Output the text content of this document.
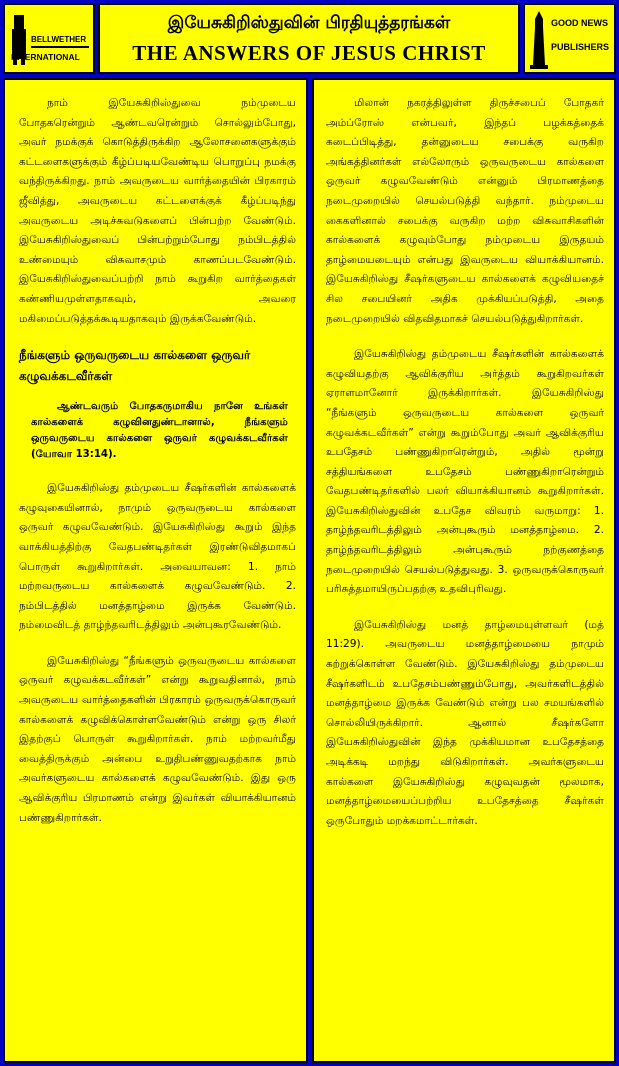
BELLWETHER
INTERNATIONAL
இயேசுகிறிஸ்துவின் பிரதியுத்தரங்கள்
THE ANSWERS OF JESUS CHRIST
GOOD NEWS
PUBLISHERS

நாம் இயேசுகிறிஸ்துவை நம்முடைய போதகரென்றும் ஆண்டவரென்றும் சொல்லும்போது, அவர் நமக்குக் கொடுத்திருக்கிற ஆலோசனைகளுக்கும் கட்டளைகளுக்கும் கீழ்ப்படியவேண்டிய பொறுப்பு நமக்கு வந்திருக்கிறது. நாம் அவருடைய வார்த்தையின் பிரகாரம் ஜீவித்து, அவருடைய கட்டளைக்குக் கீழ்ப்படிந்து அவருடைய அடிச்சுவடுகளைப் பின்பற்ற வேண்டும். இயேசுகிறிஸ்துவைப் பின்பற்றும்போது நம்பிடத்தில் உண்மையும் விசுவாசமும் காணப்படவேண்டும். இயேசுகிறிஸ்துவைப்பற்றி நாம் கூறுகிற வார்த்தைகள் கண்ணியமுள்ளதாகவும், அவரை மகிமைப்படுத்தக்கூடியதாகவும் இருக்கவேண்டும்.

நீங்களும் ஒருவருடைய கால்களை ஒருவர் கழுவக்கடவீர்கள்

ஆண்டவரும் போதகருமாகிய நானே உங்கள் கால்களைக் கழுவினதுண்டானால், நீங்களும் ஒருவருடைய கால்களை ஒருவர் கழுவக்கடவீர்கள் (யோவா 13:14).

இயேசுகிறிஸ்து தம்முடைய சீஷர்களின் கால்களைக் கழுவுகையினால், நாமும் ஒருவருடைய கால்களை ஒருவர் கழுவவேண்டும். இயேசுகிறிஸ்து கூறும் இந்த வாக்கியத்திற்கு வேதபண்டிதர்கள் இரண்டுவிதமாகப் பொருள் கூறுகிறார்கள். அவையாவன: 1. நாம் மற்றவருடைய கால்களைக் கழுவவேண்டும். 2. நம்பிடத்தில் மனத்தாழ்மை இருக்க வேண்டும். நம்மைவிடத் தாழ்ந்தவரிடத்திலும் அன்புகூரவேண்டும்.

இயேசுகிறிஸ்து “நீங்களும் ஒருவருடைய கால்களை ஒருவர் கழுவக்கடவீர்கள்” என்று கூறுவதினால், நாம் அவருடைய வார்த்தைகளின் பிரகாரம் ஒருவருக்கொருவர் கால்களைக் கழுவிக்கொள்ளவேண்டும் என்று ஒரு சிலர் இதற்குப் பொருள் கூறுகிறார்கள். நாம் மற்றவர்மீது வைத்திருக்கும் அன்பை உறுதிபண்ணுவதற்காக நாம் அவர்களுடைய கால்களைக் கழுவவேண்டும். இது ஒரு ஆவிக்குரிய பிரமாணம் என்று இவர்கள் வியாக்கியானம் பண்ணுகிறார்கள்.

மிலான் நகரத்திலுள்ள திருச்சபைப் போதகர் அம்ப்ரோஸ் என்பவர், இந்தப் பழக்கத்தைக் கடைப்பிடித்து, தன்னுடைய சபைக்கு வருகிற அங்கத்தினர்கள் எல்லோரும் ஒருவருடைய கால்களை ஒருவர் கழுவவேண்டும் என்னும் பிரமாணத்தை நடைமுறையில் செயல்படுத்தி வந்தார். நம்முடைய கைகளினால் சபைக்கு வருகிற மற்ற விசுவாசிகளின் கால்களைக் கழுவும்போது நம்முடைய இருதயம் தாழ்மையடையும் என்பது இவருடைய வியாக்கியானம். இயேசுகிறிஸ்து சீஷர்களுடைய கால்களைக் கழுவியதைச் சில சபையினர் அதிக முக்கியப்படுத்தி, அதை நடைமுறையில் விதவிதமாகச் செயல்படுத்துகிறார்கள்.

இயேசுகிறிஸ்து தம்முடைய சீஷர்களின் கால்களைக் கழுவியதற்கு ஆவிக்குரிய அர்த்தம் கூறுகிறவர்கள் ஏராளமானோர் இருக்கிறார்கள். இயேசுகிறிஸ்து “நீங்களும் ஒருவருடைய கால்களை ஒருவர் கழுவக்கடவீர்கள்” என்று கூறும்போது அவர் ஆவிக்குரிய உபதேசம் பண்ணுகிறாரென்றும், அதில் மூன்று சத்தியங்களை உபதேசம் பண்ணுகிறாரென்றும் வேதபண்டிதர்களில் பலர் வியாக்கியானம் கூறுகிறார்கள். இயேசுகிறிஸ்துவின் உபதேச விவரம் வருமாறு: 1. தாழ்ந்தவரிடத்திலும் அன்புகூரும் மனத்தாழ்மை. 2. தாழ்ந்தவரிடத்திலும் அன்புகூரும் நற்குணத்தை நடைமுறையில் செயல்படுத்துவது. 3. ஒருவருக்கொருவர் பரிசுத்தமாயிருப்பதற்கு உதவிபுரிவது.

இயேசுகிறிஸ்து மனத் தாழ்மையுள்ளவர் (மத் 11:29). அவருடைய மனத்தாழ்மையை நாமும் கற்றுக்கொள்ள வேண்டும். இயேசுகிறிஸ்து தம்முடைய சீஷர்களிடம் உபதேசம்பண்ணும்போது, அவர்களிடத்தில் மனத்தாழ்மை இருக்க வேண்டும் என்று பல சமயங்களில் சொல்லியிருக்கிறார். ஆனால் சீஷர்களோ இயேசுகிறிஸ்துவின் இந்த முக்கியமான உபதேசத்தை அடிக்கடி மறந்து விடுகிறார்கள். அவர்களுடைய கால்களை இயேசுகிறிஸ்து கழுவுவதன் மூலமாக, மனத்தாழ்மையைப்பற்றிய உபதேசத்தை சீஷர்கள் ஒருபோதும் மறக்கமாட்டார்கள்.
